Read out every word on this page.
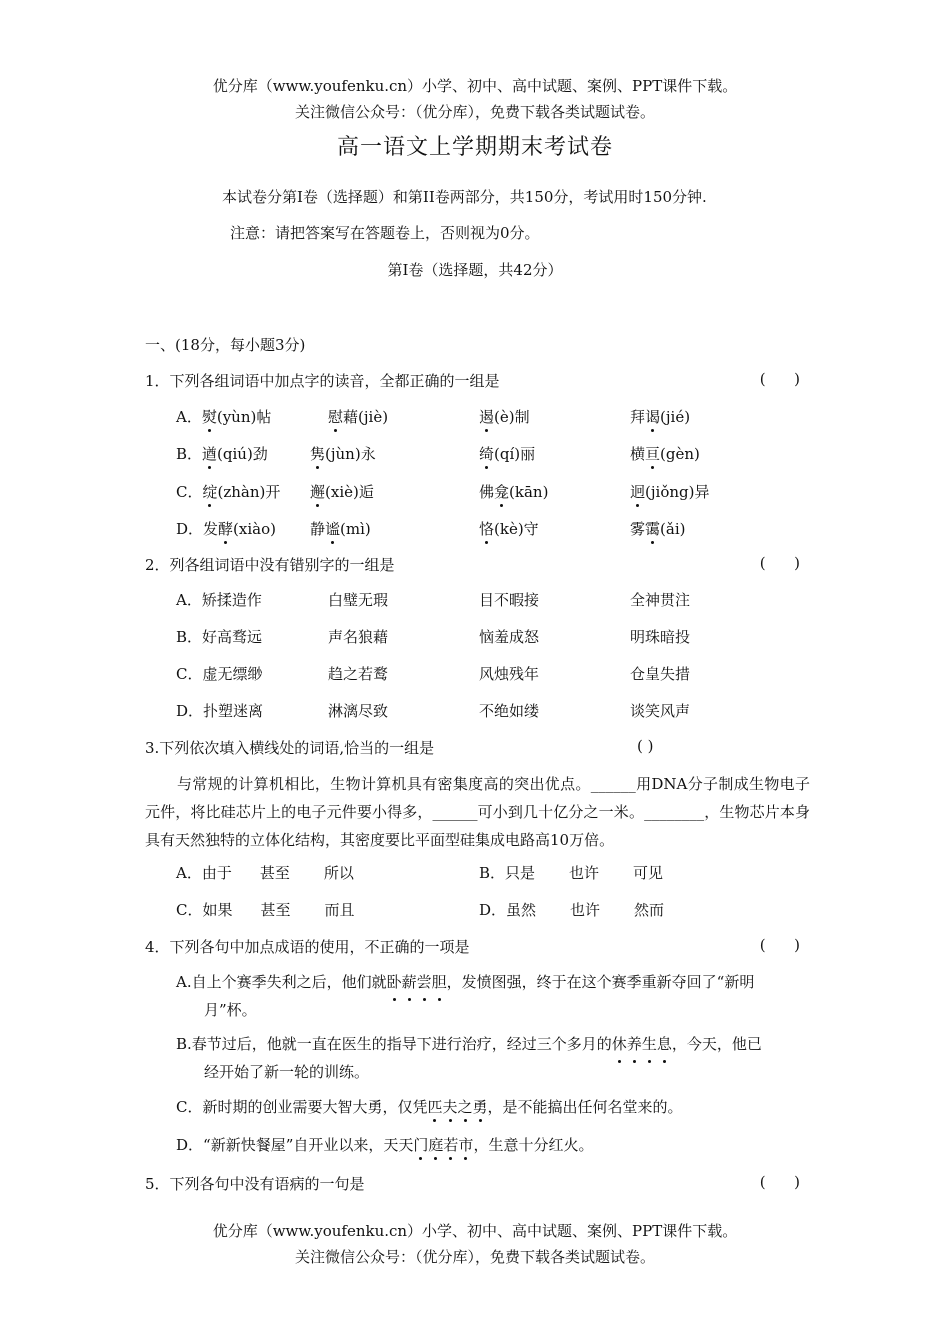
优分库（www.youfenku.cn）小学、初中、高中试题、案例、PPT课件下载。
关注微信公众号：（优分库），免费下载各类试题试卷。
高一语文上学期期末考试卷
本试卷分第Ⅰ卷（选择题）和第II卷两部分，共150分，考试用时150分钟.
注意：请把答案写在答题卷上，否则视为0分。
第Ⅰ卷（选择题，共42分）
一、(18分，每小题3分)
1．下列各组词语中加点字的读音，全都正确的一组是	(      )
A．熨(yùn)帖	慰藉(jiè)	遏(è)制	拜谒(jié)
B．遒(qiú)劲	隽(jùn)永	绮(qí)丽	横亘(gèn)
C．绽(zhàn)开 邂(xiè)逅	佛龛(kān)	迥(jiǒng)异
D．发酵(xiào) 静谧(mì)	恪(kè)守	雾霭(ǎi)
2．列各组词语中没有错别字的一组是	(      )
A．矫揉造作	白璧无瑕	目不暇接	全神贯注
B．好高骛远	声名狼藉	恼羞成怒	明珠暗投
C．虚无缥缈	趋之若鹜	风烛残年	仓皇失措
D．扑塑迷离	淋漓尽致	不绝如缕	谈笑风声
3.下列依次填入横线处的词语,恰当的一组是	( )
与常规的计算机相比，生物计算机具有密集度高的突出优点。______用DNA分子制成生物电子元件，将比硅芯片上的电子元件要小得多，______可小到几十亿分之一米。________，生物芯片本身具有天然独特的立体化结构，其密度要比平面型硅集成电路高10万倍。
A．由于 甚至 所以	B．只是 也许 可见
C．如果 甚至 而且	D．虽然 也许 然而
4．下列各句中加点成语的使用，不正确的一项是	(      )
A.自上个赛季失利之后，他们就卧薪尝胆，发愤图强，终于在这个赛季重新夺回了“新明
月”杯。
B.春节过后，他就一直在医生的指导下进行治疗，经过三个多月的休养生息，今天，他已
经开始了新一轮的训练。
C．新时期的创业需要大智大勇，仅凭匹夫之勇，是不能搞出任何名堂来的。
D．“新新快餐屋”自开业以来，天天门庭若市，生意十分红火。
5．下列各句中没有语病的一句是	(      )
优分库（www.youfenku.cn）小学、初中、高中试题、案例、PPT课件下载。
关注微信公众号：（优分库），免费下载各类试题试卷。
